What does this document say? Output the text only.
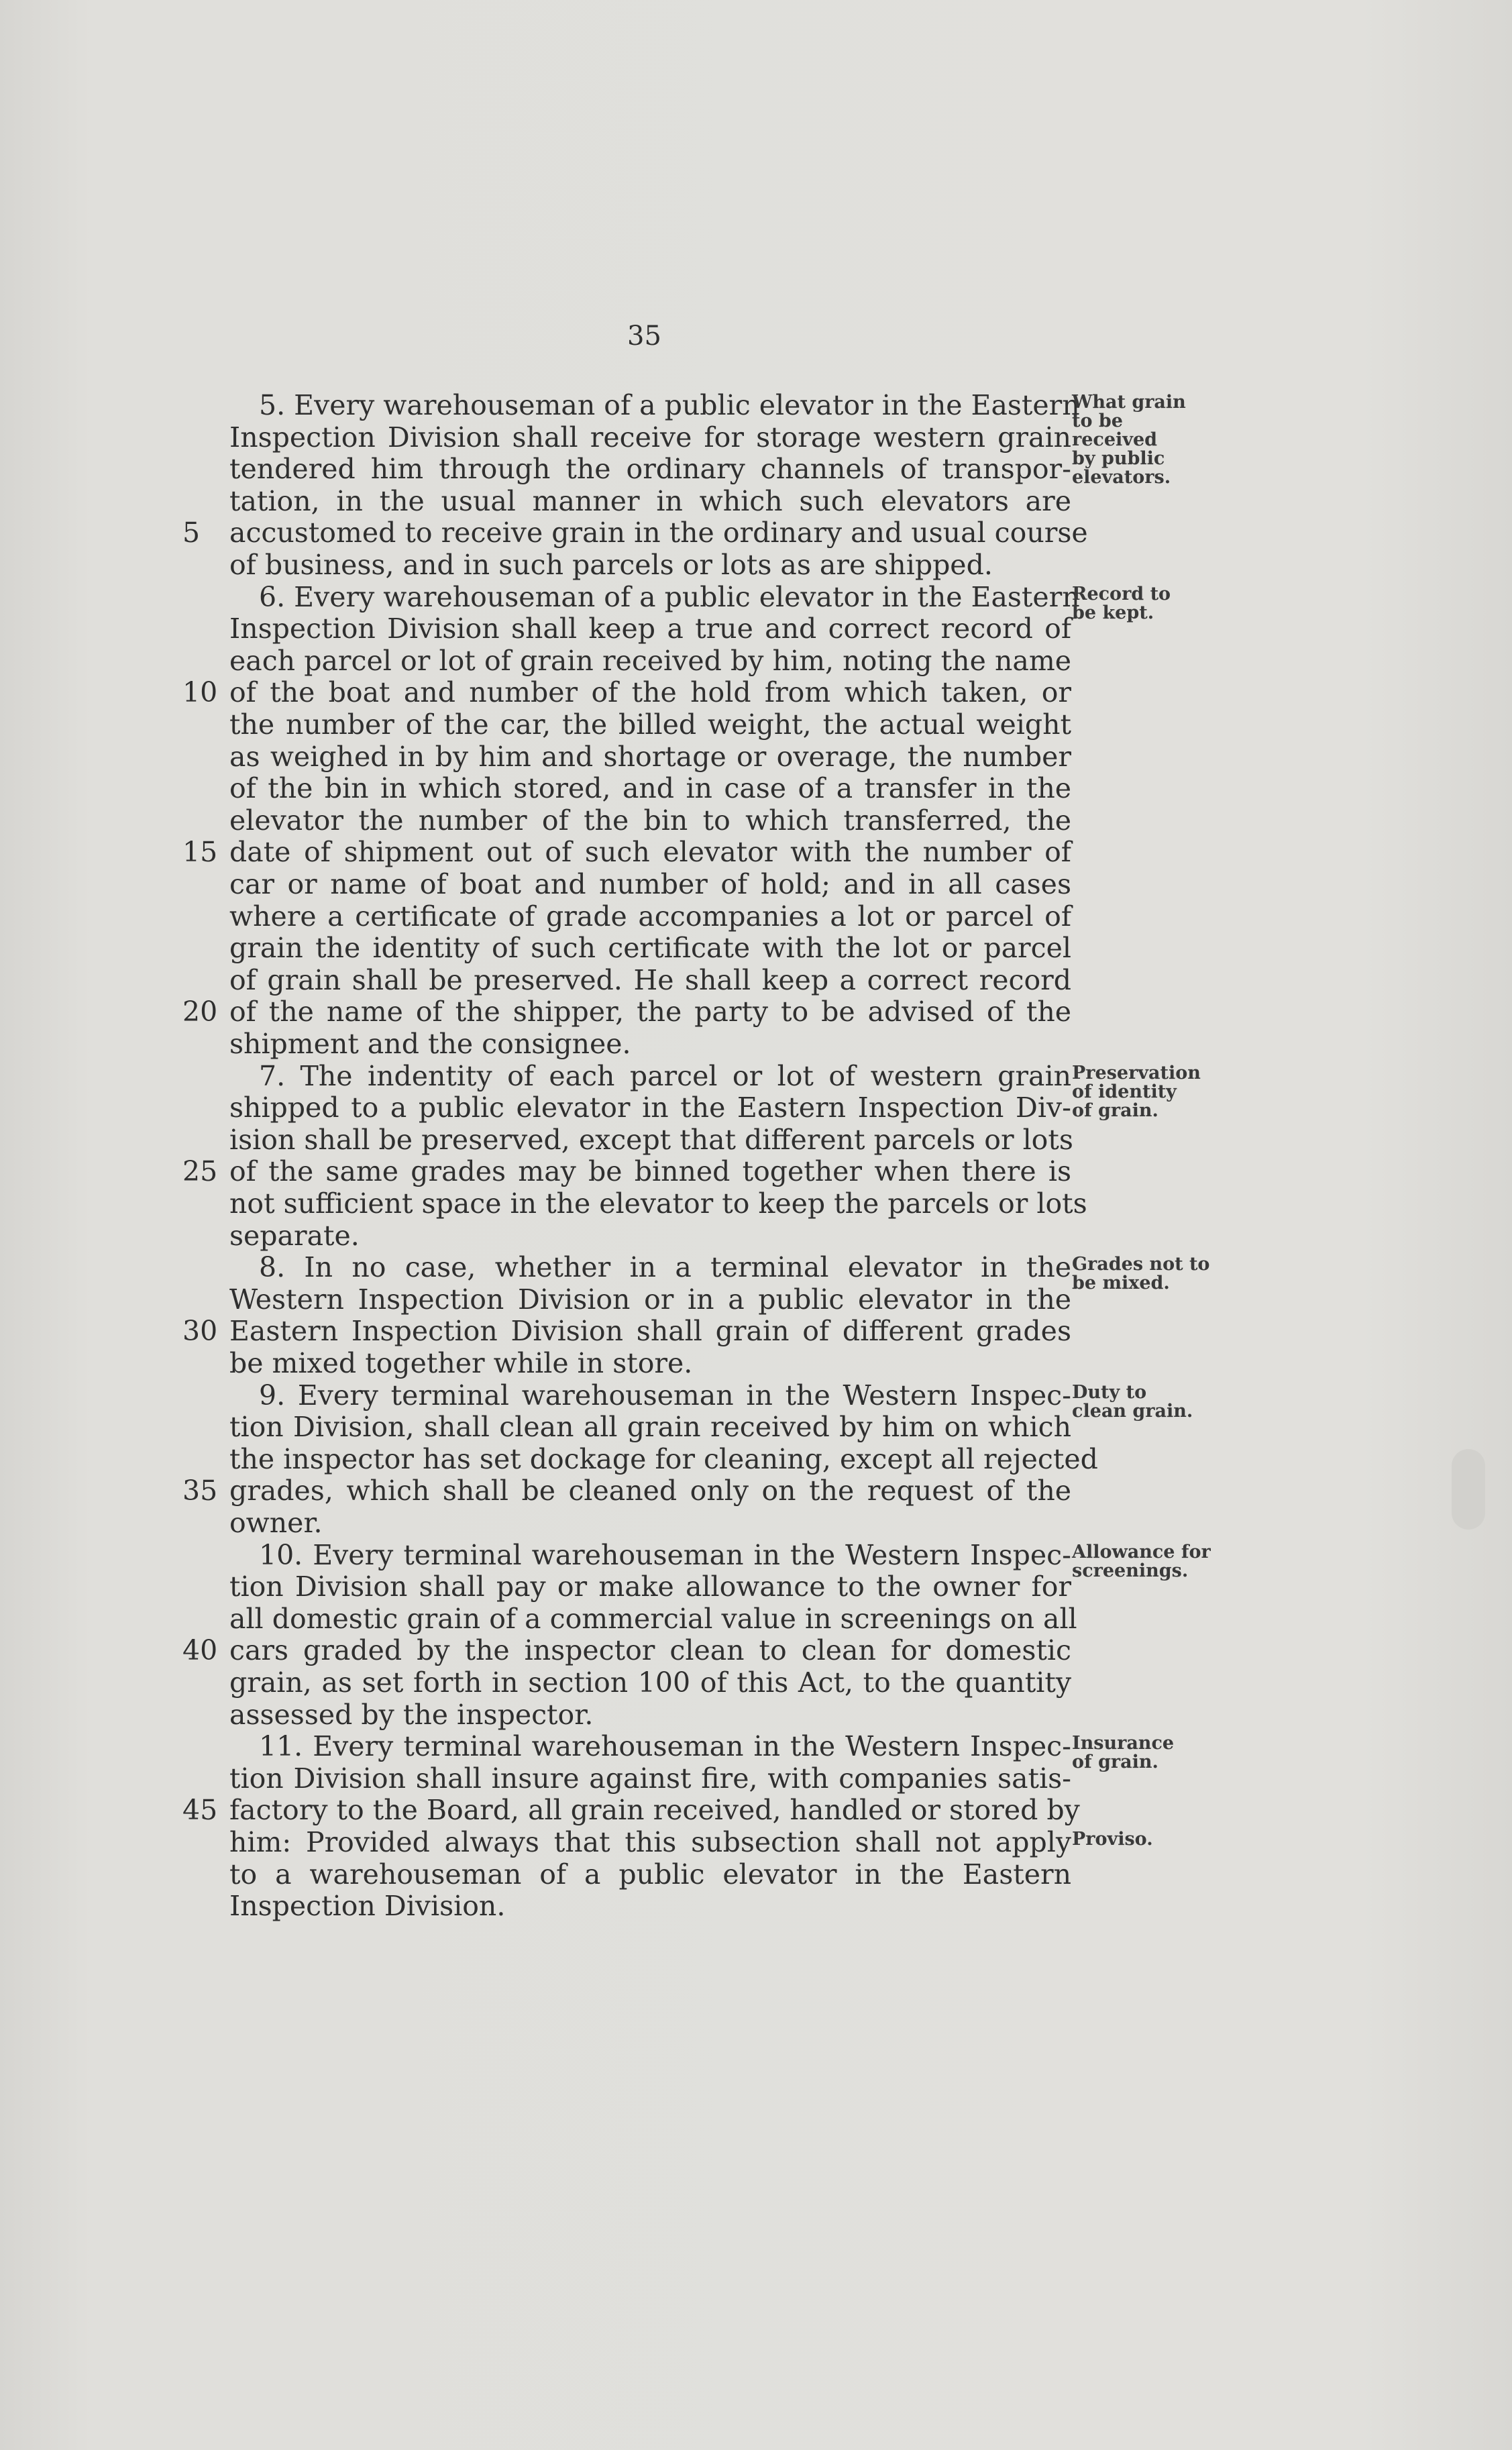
35
5. Every warehouseman of a public elevator in the Eastern
Inspection Division shall receive for storage western grain
tendered him through the ordinary channels of transpor-
tation, in the usual manner in which such elevators are
accustomed to receive grain in the ordinary and usual course
5
of business, and in such parcels or lots as are shipped.
6. Every warehouseman of a public elevator in the Eastern
Inspection Division shall keep a true and correct record of
each parcel or lot of grain received by him, noting the name
of the boat and number of the hold from which taken, or
10
the number of the car, the billed weight, the actual weight
as weighed in by him and shortage or overage, the number
of the bin in which stored, and in case of a transfer in the
elevator the number of the bin to which transferred, the
date of shipment out of such elevator with the number of
15
car or name of boat and number of hold; and in all cases
where a certificate of grade accompanies a lot or parcel of
grain the identity of such certificate with the lot or parcel
of grain shall be preserved. He shall keep a correct record
of the name of the shipper, the party to be advised of the
20
shipment and the consignee.
7. The indentity of each parcel or lot of western grain
shipped to a public elevator in the Eastern Inspection Div-
ision shall be preserved, except that different parcels or lots
of the same grades may be binned together when there is
25
not sufficient space in the elevator to keep the parcels or lots
separate.
8. In no case, whether in a terminal elevator in the
Western Inspection Division or in a public elevator in the
Eastern Inspection Division shall grain of different grades
30
be mixed together while in store.
9. Every terminal warehouseman in the Western Inspec-
tion Division, shall clean all grain received by him on which
the inspector has set dockage for cleaning, except all rejected
grades, which shall be cleaned only on the request of the
35
owner.
10. Every terminal warehouseman in the Western Inspec-
tion Division shall pay or make allowance to the owner for
all domestic grain of a commercial value in screenings on all
cars graded by the inspector clean to clean for domestic
40
grain, as set forth in section 100 of this Act, to the quantity
assessed by the inspector.
11. Every terminal warehouseman in the Western Inspec-
tion Division shall insure against fire, with companies satis-
factory to the Board, all grain received, handled or stored by
45
him: Provided always that this subsection shall not apply
to a warehouseman of a public elevator in the Eastern
Inspection Division.
What grain
to be
received
by public
elevators.
Record to
be kept.
Preservation
of identity
of grain.
Grades not to
be mixed.
Duty to
clean grain.
Allowance for
screenings.
Insurance
of grain.
Proviso.
